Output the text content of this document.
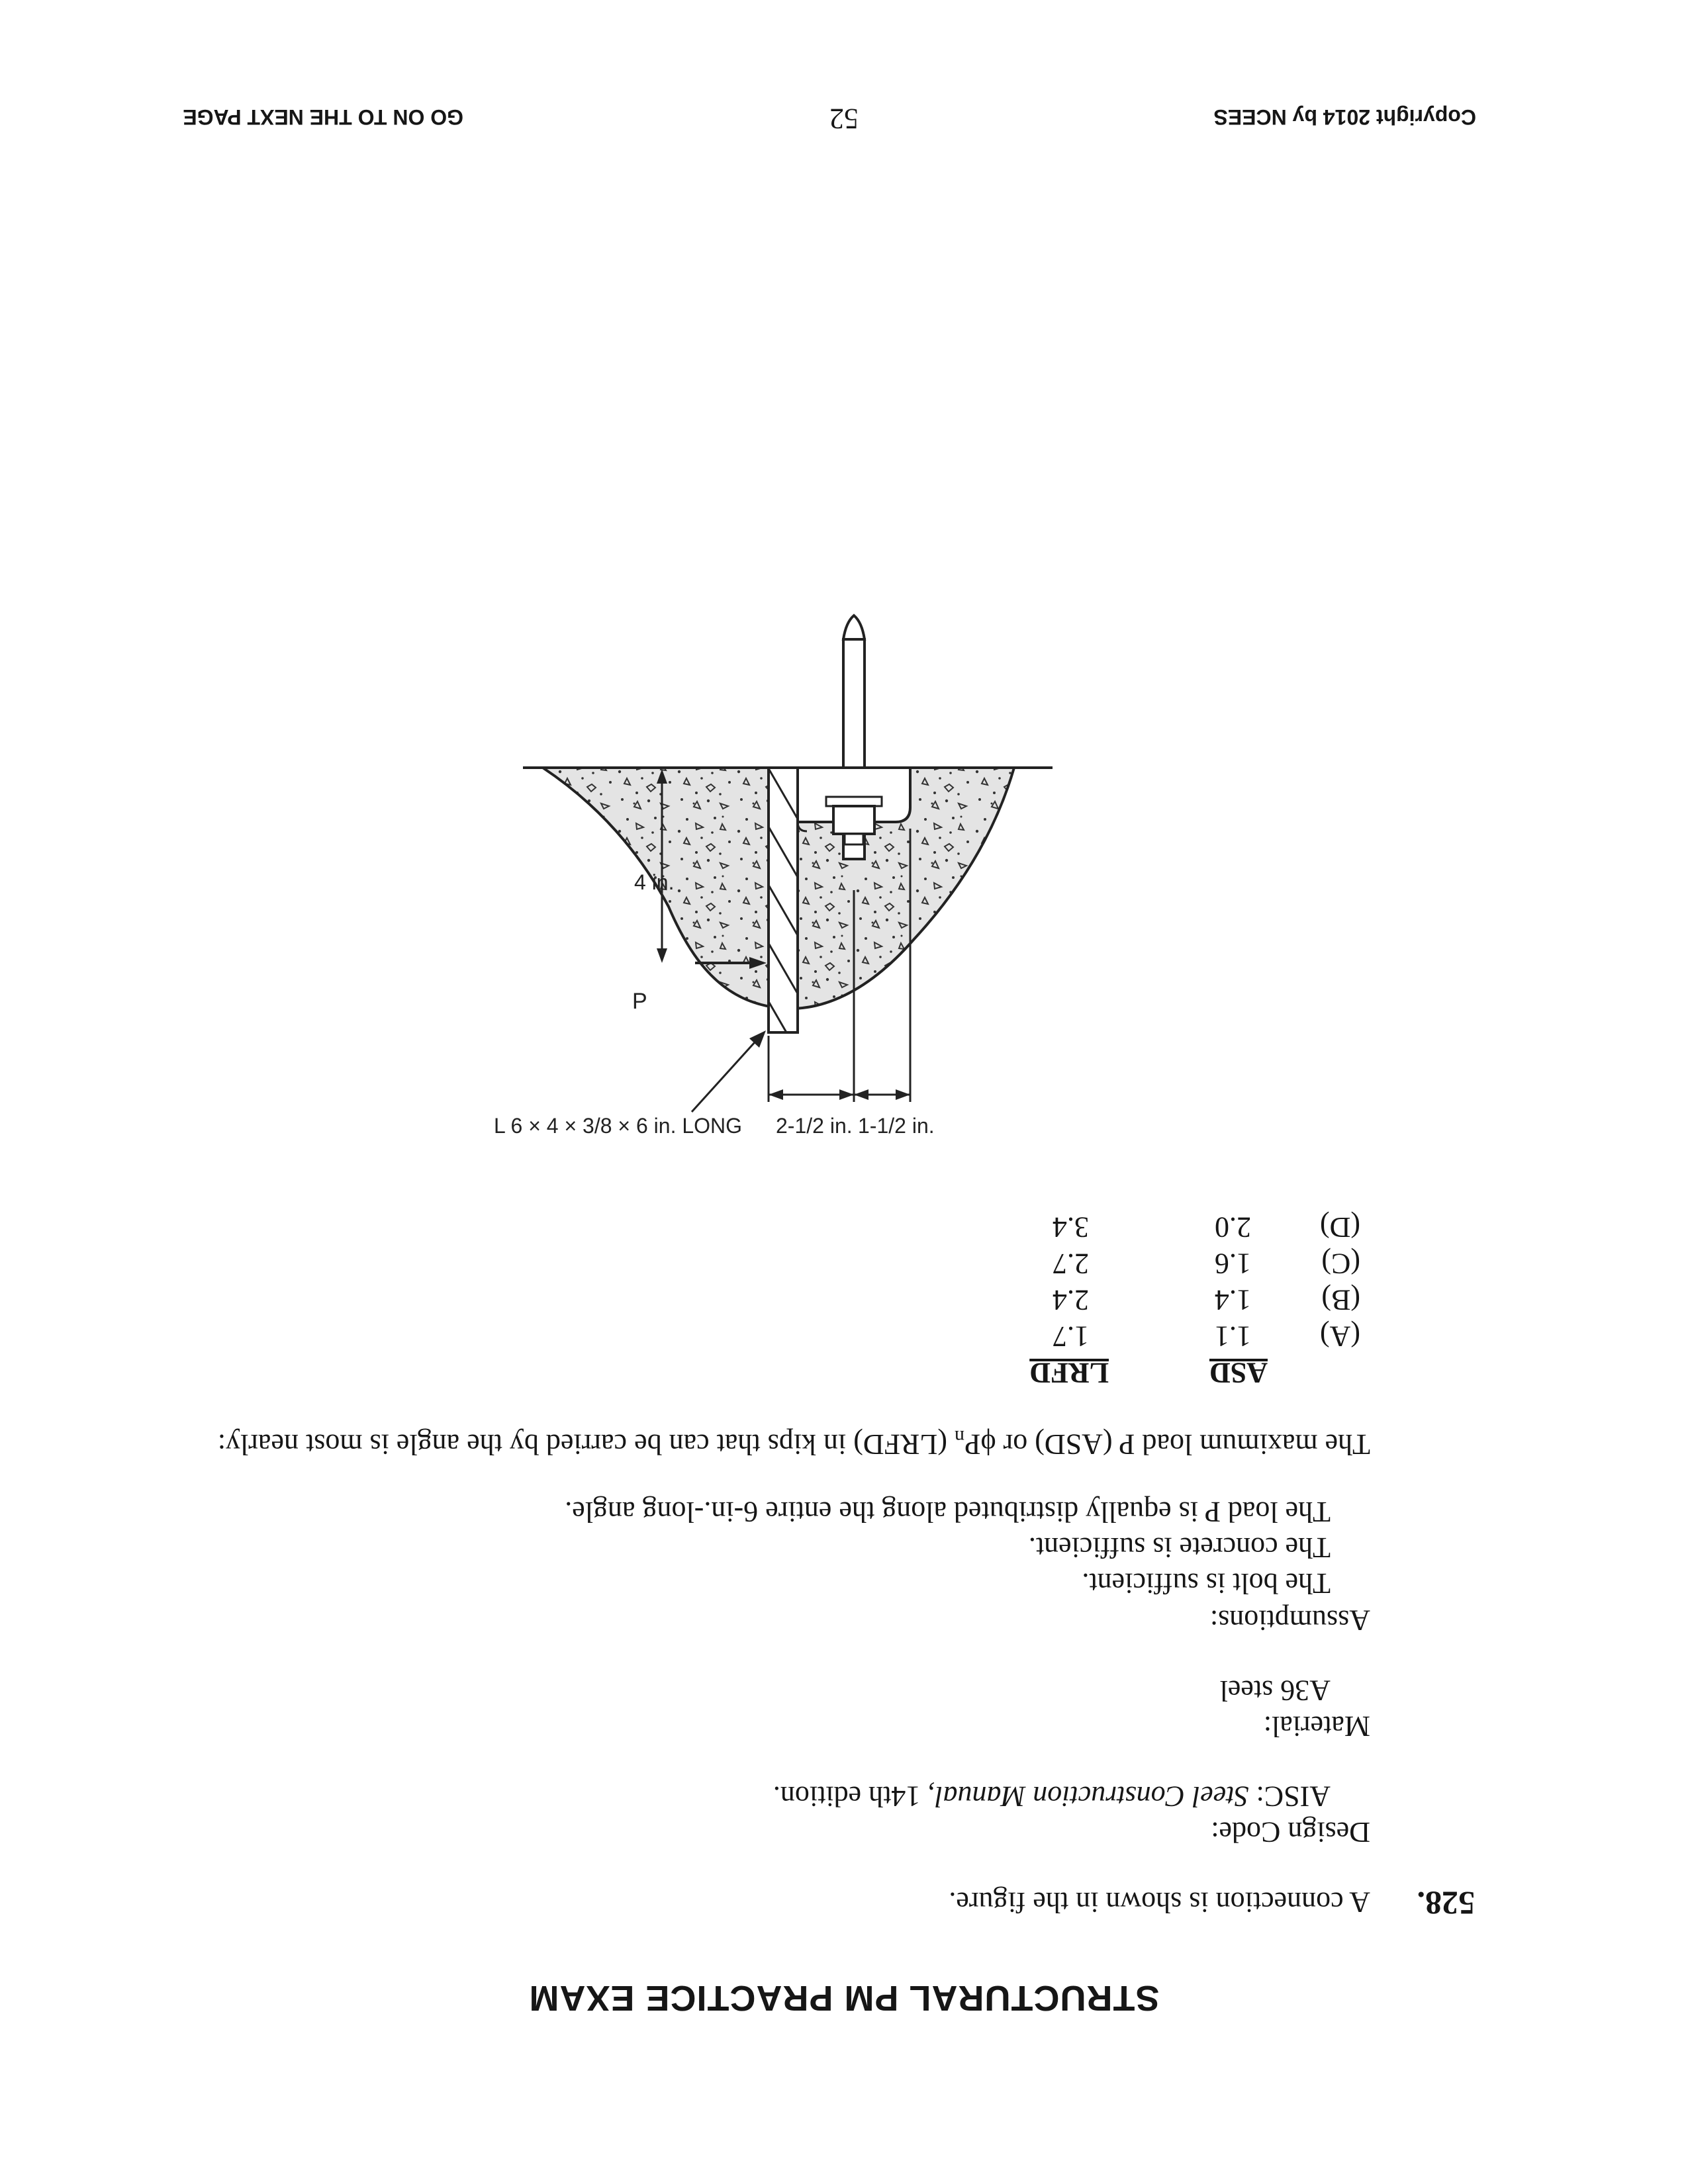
STRUCTURAL PM PRACTICE EXAM
528.
A connection is shown in the figure.
Design Code:
AISC: Steel Construction Manual, 14th edition.
Material:
A36 steel
Assumptions:
The bolt is sufficient.
The concrete is sufficient.
The load P is equally distributed along the entire 6-in.-long angle.
The maximum load P (ASD) or $\phi P_n$ (LRFD) in kips that can be carried by the angle is most nearly:
ASD
LRFD
(A)
1.1
1.7
(B)
1.4
2.4
(C)
1.6
2.7
(D)
2.0
3.4
1-1/2 in.
2-1/2 in.
L 6 × 4 × 3/8 × 6 in. LONG
4 in.
P
Copyright 2014 by NCEES
52
GO ON TO THE NEXT PAGE
